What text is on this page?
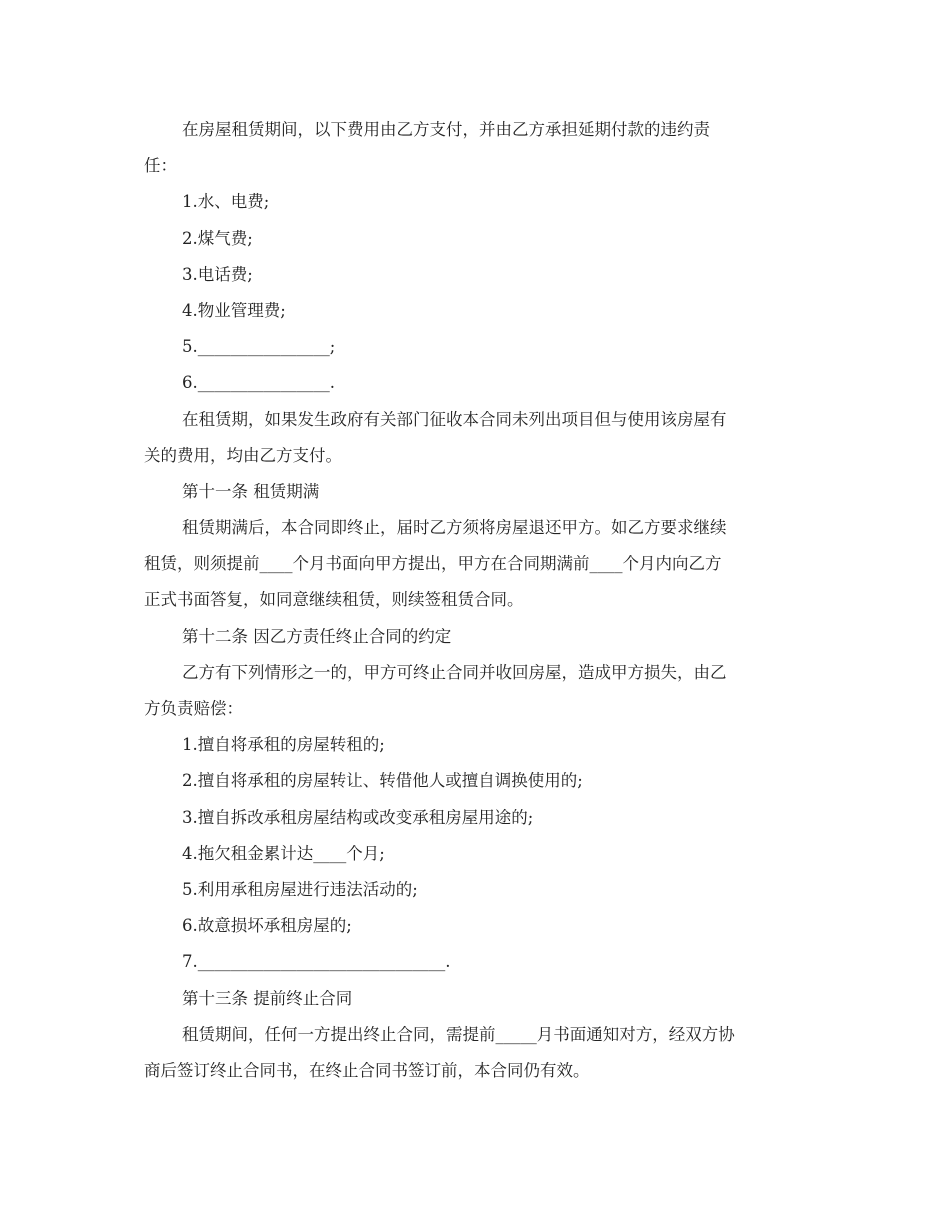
在房屋租赁期间，以下费用由乙方支付，并由乙方承担延期付款的违约责
任：
1.水、电费;
2.煤气费;
3.电话费;
4.物业管理费;
5.________________;
6.________________.
在租赁期，如果发生政府有关部门征收本合同未列出项目但与使用该房屋有
关的费用，均由乙方支付。
第十一条 租赁期满
租赁期满后，本合同即终止，届时乙方须将房屋退还甲方。如乙方要求继续
租赁，则须提前____个月书面向甲方提出，甲方在合同期满前____个月内向乙方
正式书面答复，如同意继续租赁，则续签租赁合同。
第十二条 因乙方责任终止合同的约定
乙方有下列情形之一的，甲方可终止合同并收回房屋，造成甲方损失，由乙
方负责赔偿：
1.擅自将承租的房屋转租的;
2.擅自将承租的房屋转让、转借他人或擅自调换使用的;
3.擅自拆改承租房屋结构或改变承租房屋用途的;
4.拖欠租金累计达____个月;
5.利用承租房屋进行违法活动的;
6.故意损坏承租房屋的;
7.______________________________.
第十三条 提前终止合同
租赁期间，任何一方提出终止合同，需提前_____月书面通知对方，经双方协
商后签订终止合同书，在终止合同书签订前，本合同仍有效。
